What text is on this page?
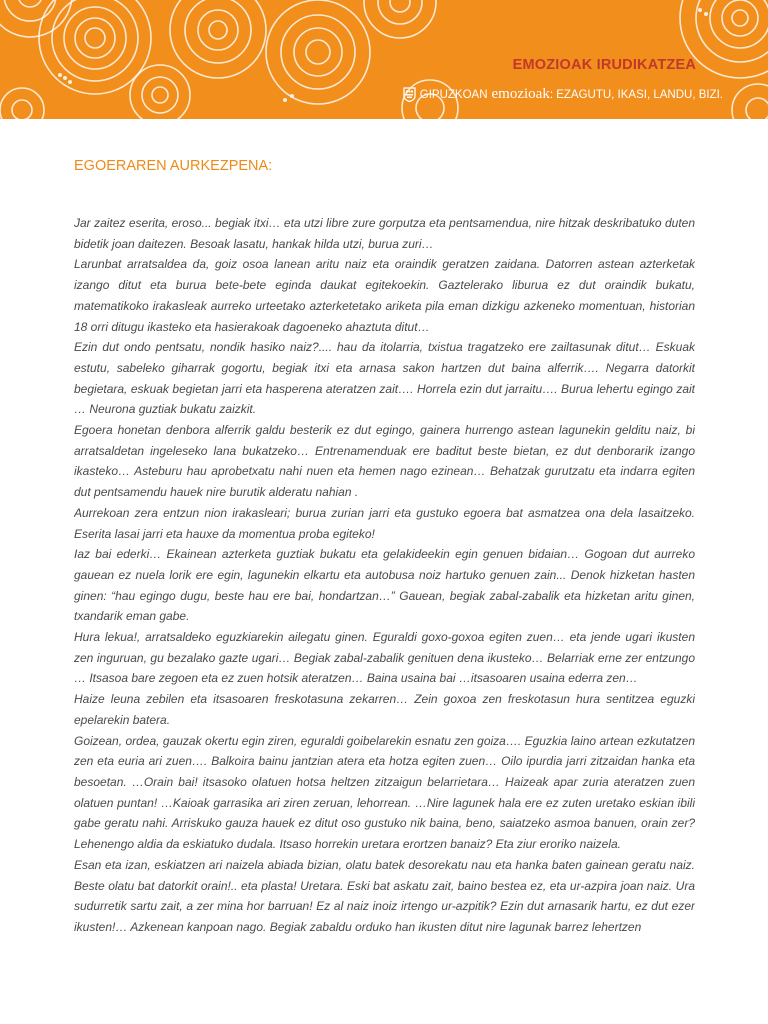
EMOZIOAK IRUDIKATZEA
GIPUZKOAN emozioak : EZAGUTU, IKASI, LANDU, BIZI.
EGOERAREN AURKEZPENA:

Jar zaitez eserita, eroso... begiak itxi… eta utzi libre zure gorputza eta pentsamendua, nire hitzak deskribatuko duten bidetik joan daitezen. Besoak lasatu, hankak hilda utzi, burua zuri…

Larunbat arratsaldea da, goiz osoa lanean aritu naiz eta oraindik geratzen zaidana. Datorren astean azterketak izango ditut eta burua bete-bete eginda daukat egitekoekin. Gaztelerako liburua ez dut oraindik bukatu, matematikoko irakasleak aurreko urteetako azterketetako ariketa pila eman dizkigu azkeneko momentuan, historian 18 orri ditugu ikasteko eta hasierakoak dagoeneko ahaztuta ditut…

Ezin dut ondo pentsatu, nondik hasiko naiz?.... hau da itolarria, txistua tragatzeko ere zailtasunak ditut… Eskuak estutu, sabeleko giharrak gogortu, begiak itxi eta arnasa sakon hartzen dut baina alferrik…. Negarra datorkit begietara, eskuak begietan jarri eta hasperena ateratzen zait…. Horrela ezin dut jarraitu…. Burua lehertu egingo zait … Neurona guztiak bukatu zaizkit.

Egoera honetan denbora alferrik galdu besterik ez dut egingo, gainera hurrengo astean lagunekin gelditu naiz, bi arratsaldetan ingeleseko lana bukatzeko… Entrenamenduak ere baditut beste bietan, ez dut denborarik izango ikasteko… Asteburu hau aprobetxatu nahi nuen eta hemen nago ezinean… Behatzak gurutzatu eta indarra egiten dut pentsamendu hauek nire burutik alderatu nahian .

Aurrekoan zera entzun nion irakasleari; burua zurian jarri eta gustuko egoera bat asmatzea ona dela lasaitzeko. Eserita lasai jarri eta hauxe da momentua proba egiteko!

Iaz bai ederki… Ekainean azterketa guztiak bukatu eta gelakideekin egin genuen bidaian… Gogoan dut aurreko gauean ez nuela lorik ere egin, lagunekin elkartu eta autobusa noiz hartuko genuen zain... Denok hizketan hasten ginen: “hau egingo dugu, beste hau ere bai, hondartzan…” Gauean, begiak zabal-zabalik eta hizketan aritu ginen, txandarik eman gabe.

Hura lekua!, arratsaldeko eguzkiarekin ailegatu ginen. Eguraldi goxo-goxoa egiten zuen… eta jende ugari ikusten zen inguruan, gu bezalako gazte ugari… Begiak zabal-zabalik genituen dena ikusteko… Belarriak erne zer entzungo … Itsasoa bare zegoen eta ez zuen hotsik ateratzen… Baina usaina bai …itsasoaren usaina ederra zen…

Haize leuna zebilen eta itsasoaren freskotasuna zekarren… Zein goxoa zen freskotasun hura sentitzea eguzki epelarekin batera.

Goizean, ordea, gauzak okertu egin ziren, eguraldi goibelarekin esnatu zen goiza…. Eguzkia laino artean ezkutatzen zen eta euria ari zuen…. Balkoira bainu jantzian atera eta hotza egiten zuen… Oilo ipurdia jarri zitzaidan hanka eta besoetan. …Orain bai! itsasoko olatuen hotsa heltzen zitzaigun belarrietara… Haizeak apar zuria ateratzen zuen olatuen puntan! …Kaioak garrasika ari ziren zeruan, lehorrean. …Nire lagunek hala ere ez zuten uretako eskian ibili gabe geratu nahi. Arriskuko gauza hauek ez ditut oso gustuko nik baina, beno, saiatzeko asmoa banuen, orain zer? Lehenengo aldia da eskiatuko dudala. Itsaso horrekin uretara erortzen banaiz? Eta ziur eroriko naizela.

Esan eta izan, eskiatzen ari naizela abiada bizian, olatu batek desorekatu nau eta hanka baten gainean geratu naiz. Beste olatu bat datorkit orain!.. eta plasta! Uretara. Eski bat askatu zait, baino bestea ez, eta ur-azpira joan naiz. Ura sudurretik sartu zait, a zer mina hor barruan! Ez al naiz inoiz irtengo ur-azpitik? Ezin dut arnasarik hartu, ez dut ezer ikusten!… Azkenean kanpoan nago. Begiak zabaldu orduko han ikusten ditut nire lagunak barrez lehertzen
